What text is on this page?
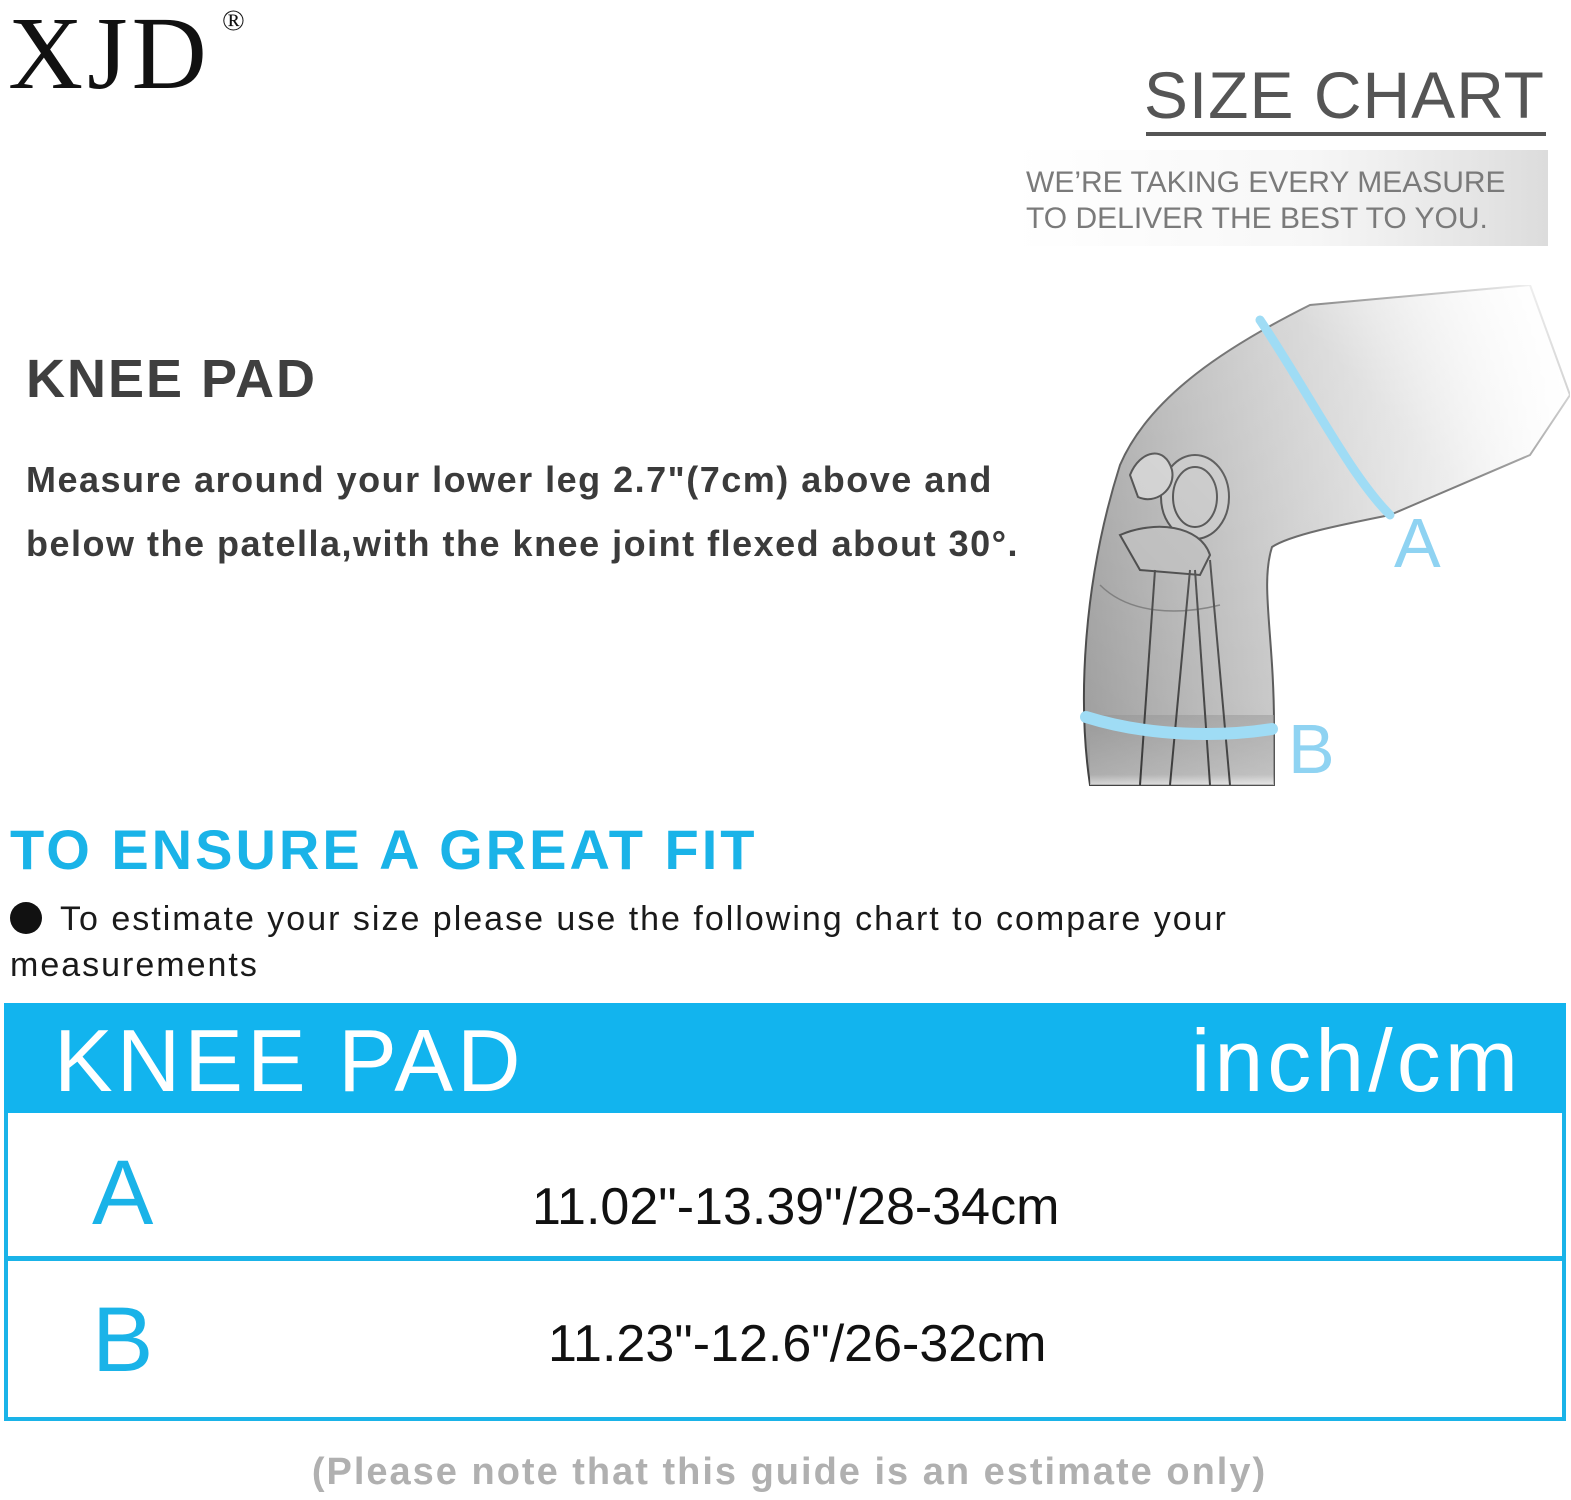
XJD ®
SIZE CHART
WE’RE TAKING EVERY MEASURE
TO DELIVER THE BEST TO YOU.
KNEE PAD
Measure around your lower leg 2.7"(7cm) above and below the patella,with the knee joint flexed about 30°.	A
B
TO ENSURE A GREAT FIT
To estimate your size please use the following chart to compare your measurements
KNEE PAD	inch/cm
A	11.02"-13.39"/28-34cm
B	11.23"-12.6"/26-32cm
(Please note that this guide is an estimate only)
